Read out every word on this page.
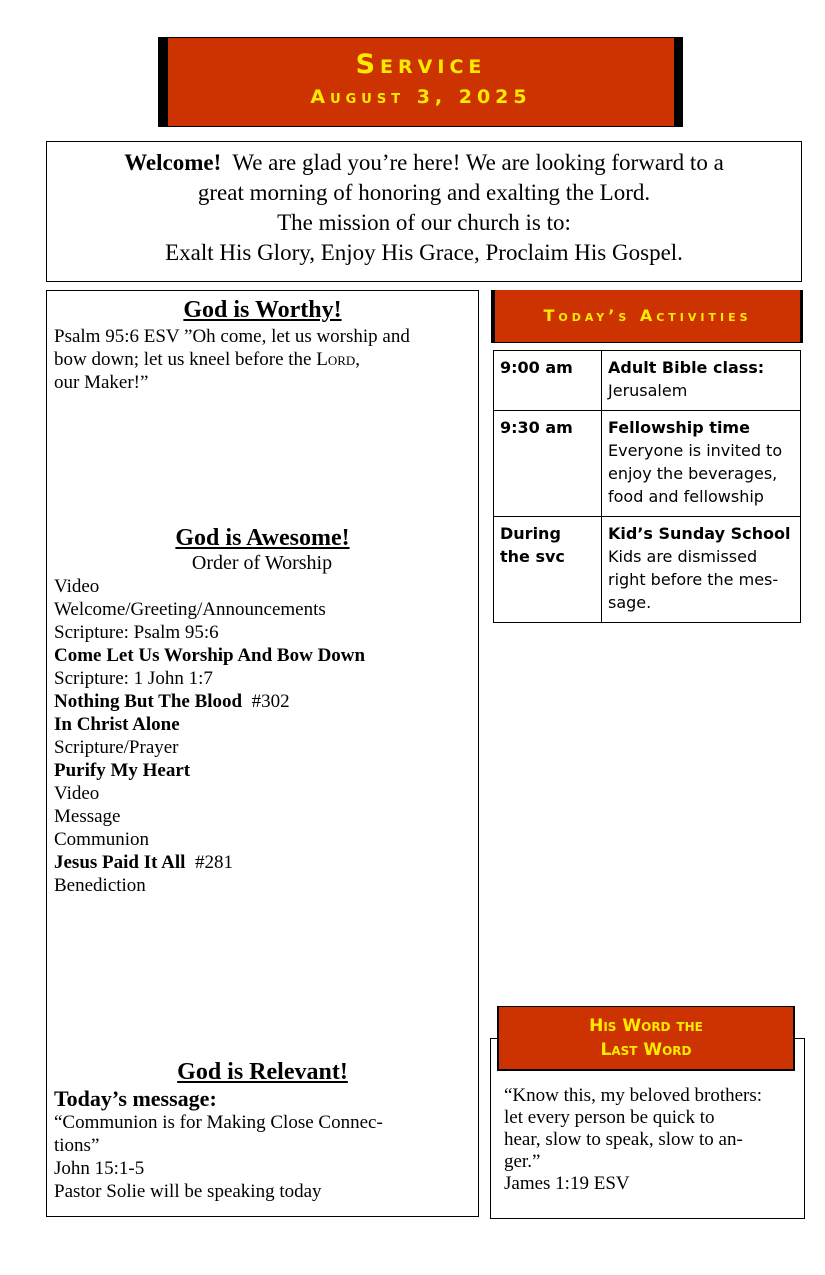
Service
August 3, 2025
Welcome! We are glad you’re here! We are looking forward to a
great morning of honoring and exalting the Lord.
The mission of our church is to:
Exalt His Glory, Enjoy His Grace, Proclaim His Gospel.
God is Worthy!
Psalm 95:6 ESV ”Oh come, let us worship and
bow down; let us kneel before the Lord,
our Maker!”
God is Awesome!
Order of Worship
Video
Welcome/Greeting/Announcements
Scripture: Psalm 95:6
Come Let Us Worship And Bow Down
Scripture: 1 John 1:7
Nothing But The Blood  #302
In Christ Alone
Scripture/Prayer
Purify My Heart
Video
Message
Communion
Jesus Paid It All  #281
Benediction
God is Relevant!
Today’s message:
“Communion is for Making Close Connec-
tions”
John 15:1-5
Pastor Solie will be speaking today
Today’s Activities
9:00 am	Adult Bible class:
Jerusalem

9:30 am	Fellowship time
Everyone is invited to
enjoy the beverages,
food and fellowship

During the svc	Kid’s Sunday School
Kids are dismissed
right before the mes-
sage.
His Word the
Last Word
“Know this, my beloved brothers:
let every person be quick to
hear, slow to speak, slow to an-
ger.”
James 1:19 ESV
